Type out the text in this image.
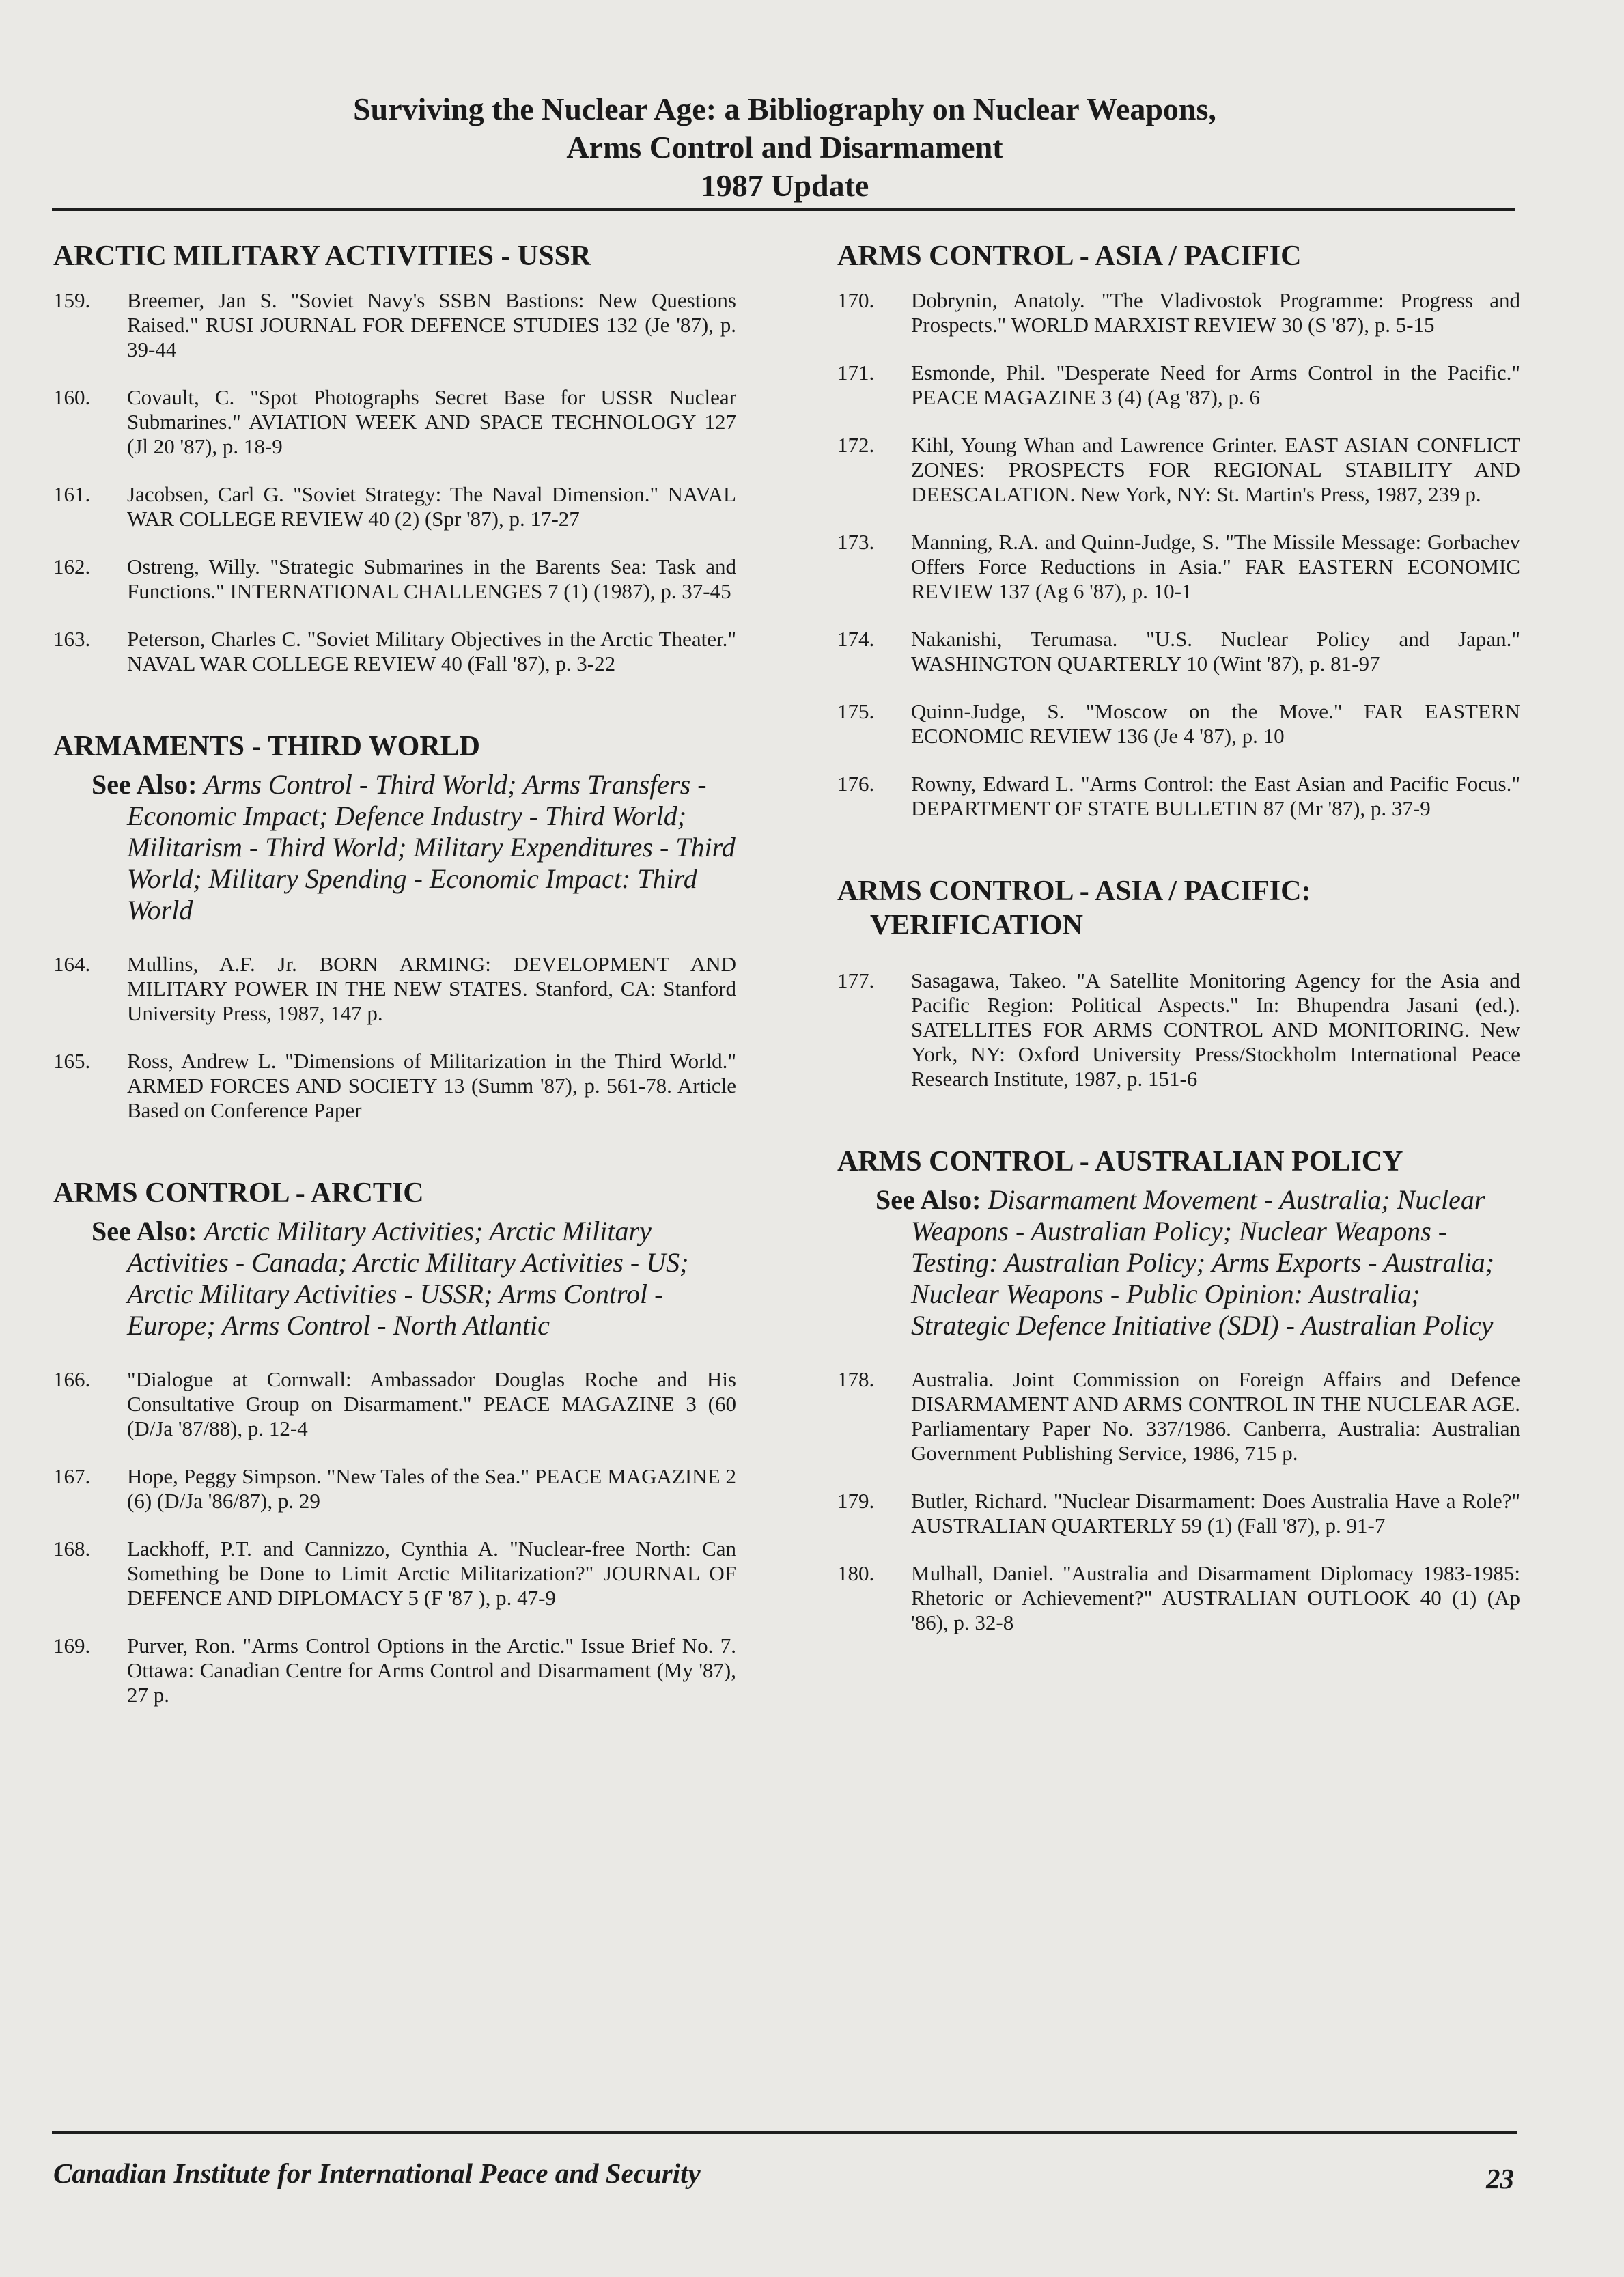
Surviving the Nuclear Age: a Bibliography on Nuclear Weapons,
Arms Control and Disarmament
1987 Update
ARCTIC MILITARY ACTIVITIES - USSR
159.	Breemer, Jan S. "Soviet Navy's SSBN Bastions: New Questions Raised." RUSI JOURNAL FOR DEFENCE STUDIES 132 (Je '87), p. 39-44
160.	Covault, C. "Spot Photographs Secret Base for USSR Nuclear Submarines." AVIATION WEEK AND SPACE TECHNOLOGY 127 (Jl 20 '87), p. 18-9
161.	Jacobsen, Carl G. "Soviet Strategy: The Naval Dimension." NAVAL WAR COLLEGE REVIEW 40 (2) (Spr '87), p. 17-27
162.	Ostreng, Willy. "Strategic Submarines in the Barents Sea: Task and Functions." INTERNATIONAL CHALLENGES 7 (1) (1987), p. 37-45
163.	Peterson, Charles C. "Soviet Military Objectives in the Arctic Theater." NAVAL WAR COLLEGE REVIEW 40 (Fall '87), p. 3-22
ARMAMENTS - THIRD WORLD
See Also: Arms Control - Third World; Arms Transfers - Economic Impact; Defence Industry - Third World; Militarism - Third World; Military Expenditures - Third World; Military Spending - Economic Impact: Third World
164.	Mullins, A.F. Jr. BORN ARMING: DEVELOPMENT AND MILITARY POWER IN THE NEW STATES. Stanford, CA: Stanford University Press, 1987, 147 p.
165.	Ross, Andrew L. "Dimensions of Militarization in the Third World." ARMED FORCES AND SOCIETY 13 (Summ '87), p. 561-78. Article Based on Conference Paper
ARMS CONTROL - ARCTIC
See Also: Arctic Military Activities; Arctic Military Activities - Canada; Arctic Military Activities - US; Arctic Military Activities - USSR; Arms Control - Europe; Arms Control - North Atlantic
166.	"Dialogue at Cornwall: Ambassador Douglas Roche and His Consultative Group on Disarmament." PEACE MAGAZINE 3 (60 (D/Ja '87/88), p. 12-4
167.	Hope, Peggy Simpson. "New Tales of the Sea." PEACE MAGAZINE 2 (6) (D/Ja '86/87), p. 29
168.	Lackhoff, P.T. and Cannizzo, Cynthia A. "Nuclear-free North: Can Something be Done to Limit Arctic Militarization?" JOURNAL OF DEFENCE AND DIPLOMACY 5 (F '87 ), p. 47-9
169.	Purver, Ron. "Arms Control Options in the Arctic." Issue Brief No. 7. Ottawa: Canadian Centre for Arms Control and Disarmament (My '87), 27 p.
ARMS CONTROL - ASIA / PACIFIC
170.	Dobrynin, Anatoly. "The Vladivostok Programme: Progress and Prospects." WORLD MARXIST REVIEW 30 (S '87), p. 5-15
171.	Esmonde, Phil. "Desperate Need for Arms Control in the Pacific." PEACE MAGAZINE 3 (4) (Ag '87), p. 6
172.	Kihl, Young Whan and Lawrence Grinter. EAST ASIAN CONFLICT ZONES: PROSPECTS FOR REGIONAL STABILITY AND DEESCALATION. New York, NY: St. Martin's Press, 1987, 239 p.
173.	Manning, R.A. and Quinn-Judge, S. "The Missile Message: Gorbachev Offers Force Reductions in Asia." FAR EASTERN ECONOMIC REVIEW 137 (Ag 6 '87), p. 10-1
174.	Nakanishi, Terumasa. "U.S. Nuclear Policy and Japan." WASHINGTON QUARTERLY 10 (Wint '87), p. 81-97
175.	Quinn-Judge, S. "Moscow on the Move." FAR EASTERN ECONOMIC REVIEW 136 (Je 4 '87), p. 10
176.	Rowny, Edward L. "Arms Control: the East Asian and Pacific Focus." DEPARTMENT OF STATE BULLETIN 87 (Mr '87), p. 37-9
ARMS CONTROL - ASIA / PACIFIC:
VERIFICATION
177.	Sasagawa, Takeo. "A Satellite Monitoring Agency for the Asia and Pacific Region: Political Aspects." In: Bhupendra Jasani (ed.). SATELLITES FOR ARMS CONTROL AND MONITORING. New York, NY: Oxford University Press/Stockholm International Peace Research Institute, 1987, p. 151-6
ARMS CONTROL - AUSTRALIAN POLICY
See Also: Disarmament Movement - Australia; Nuclear Weapons - Australian Policy; Nuclear Weapons - Testing: Australian Policy; Arms Exports - Australia; Nuclear Weapons - Public Opinion: Australia; Strategic Defence Initiative (SDI) - Australian Policy
178.	Australia. Joint Commission on Foreign Affairs and Defence DISARMAMENT AND ARMS CONTROL IN THE NUCLEAR AGE. Parliamentary Paper No. 337/1986. Canberra, Australia: Australian Government Publishing Service, 1986, 715 p.
179.	Butler, Richard. "Nuclear Disarmament: Does Australia Have a Role?" AUSTRALIAN QUARTERLY 59 (1) (Fall '87), p. 91-7
180.	Mulhall, Daniel. "Australia and Disarmament Diplomacy 1983-1985: Rhetoric or Achievement?" AUSTRALIAN OUTLOOK 40 (1) (Ap '86), p. 32-8
Canadian Institute for International Peace and Security	23
